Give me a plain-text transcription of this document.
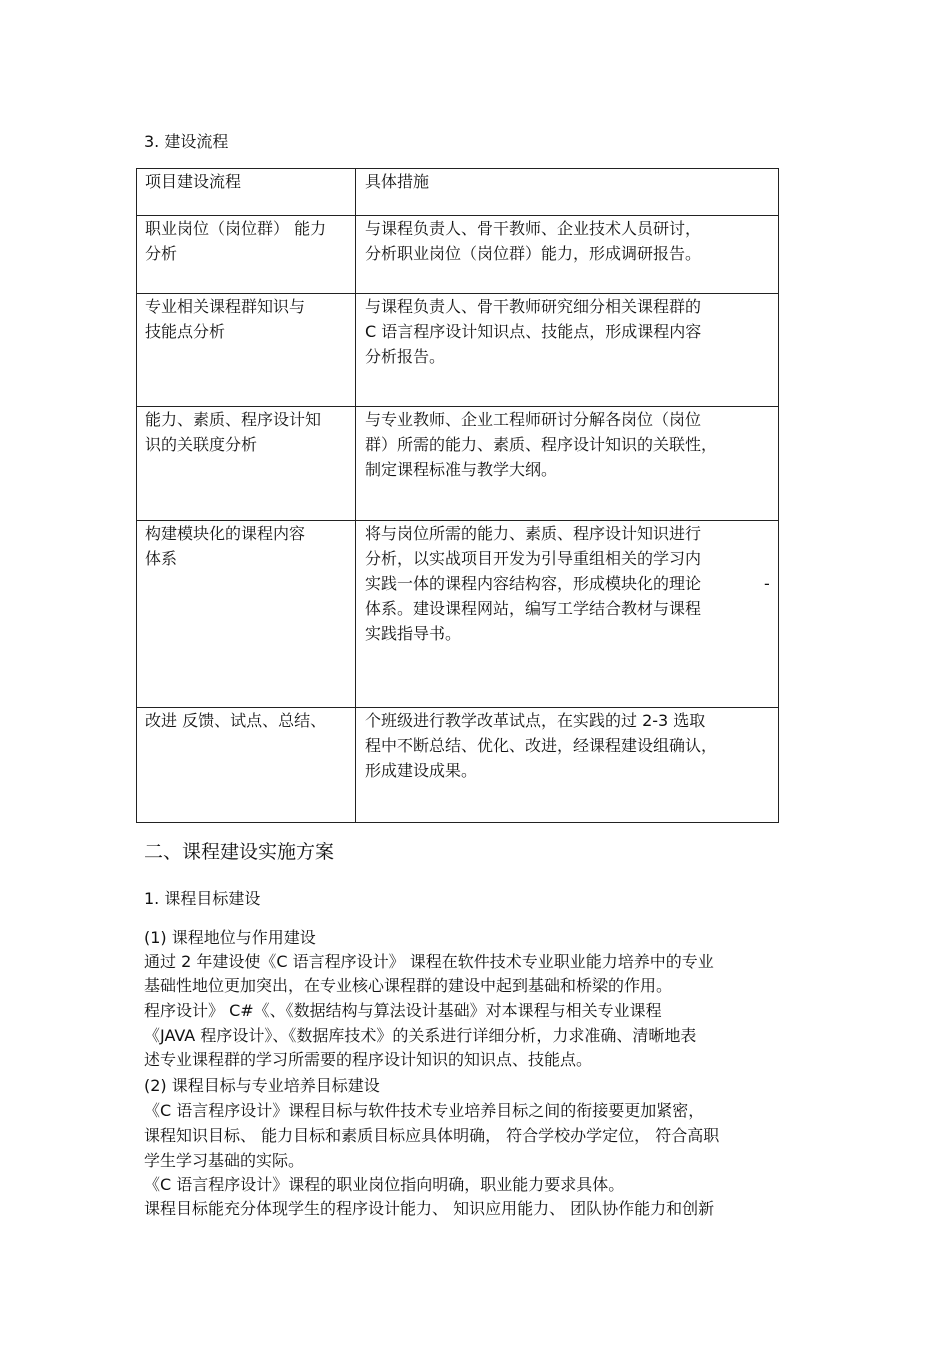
3. 建设流程
项目建设流程	具体措施
职业岗位（岗位群） 能力
分析
与课程负责人、骨干教师、企业技术人员研讨，
分析职业岗位（岗位群）能力，形成调研报告。
专业相关课程群知识与
技能点分析
与课程负责人、骨干教师研究细分相关课程群的
C 语言程序设计知识点、技能点，形成课程内容
分析报告。
能力、素质、程序设计知
识的关联度分析
与专业教师、企业工程师研讨分解各岗位（岗位
群）所需的能力、素质、程序设计知识的关联性，
制定课程标准与教学大纲。
构建模块化的课程内容
体系
将与岗位所需的能力、素质、程序设计知识进行
分析，以实战项目开发为引导重组相关的学习内
实践一体的课程内容结构容，形成模块化的理论
体系。建设课程网站，编写工学结合教材与课程
实践指导书。
-
改进 反馈、试点、总结、	个班级进行教学改革试点，在实践的过 2-3 选取
程中不断总结、优化、改进，经课程建设组确认，
形成建设成果。
二、课程建设实施方案
1. 课程目标建设
(1) 课程地位与作用建设
通过 2 年建设使《C 语言程序设计》 课程在软件技术专业职业能力培养中的专业
基础性地位更加突出，在专业核心课程群的建设中起到基础和桥梁的作用。
程序设计》 C#《、《数据结构与算法设计基础》对本课程与相关专业课程
《JAVA 程序设计》、《数据库技术》的关系进行详细分析，力求准确、清晰地表
述专业课程群的学习所需要的程序设计知识的知识点、技能点。
(2) 课程目标与专业培养目标建设
《C 语言程序设计》课程目标与软件技术专业培养目标之间的衔接要更加紧密，
课程知识目标、 能力目标和素质目标应具体明确， 符合学校办学定位， 符合高职
学生学习基础的实际。
《C 语言程序设计》课程的职业岗位指向明确，职业能力要求具体。
课程目标能充分体现学生的程序设计能力、 知识应用能力、 团队协作能力和创新
